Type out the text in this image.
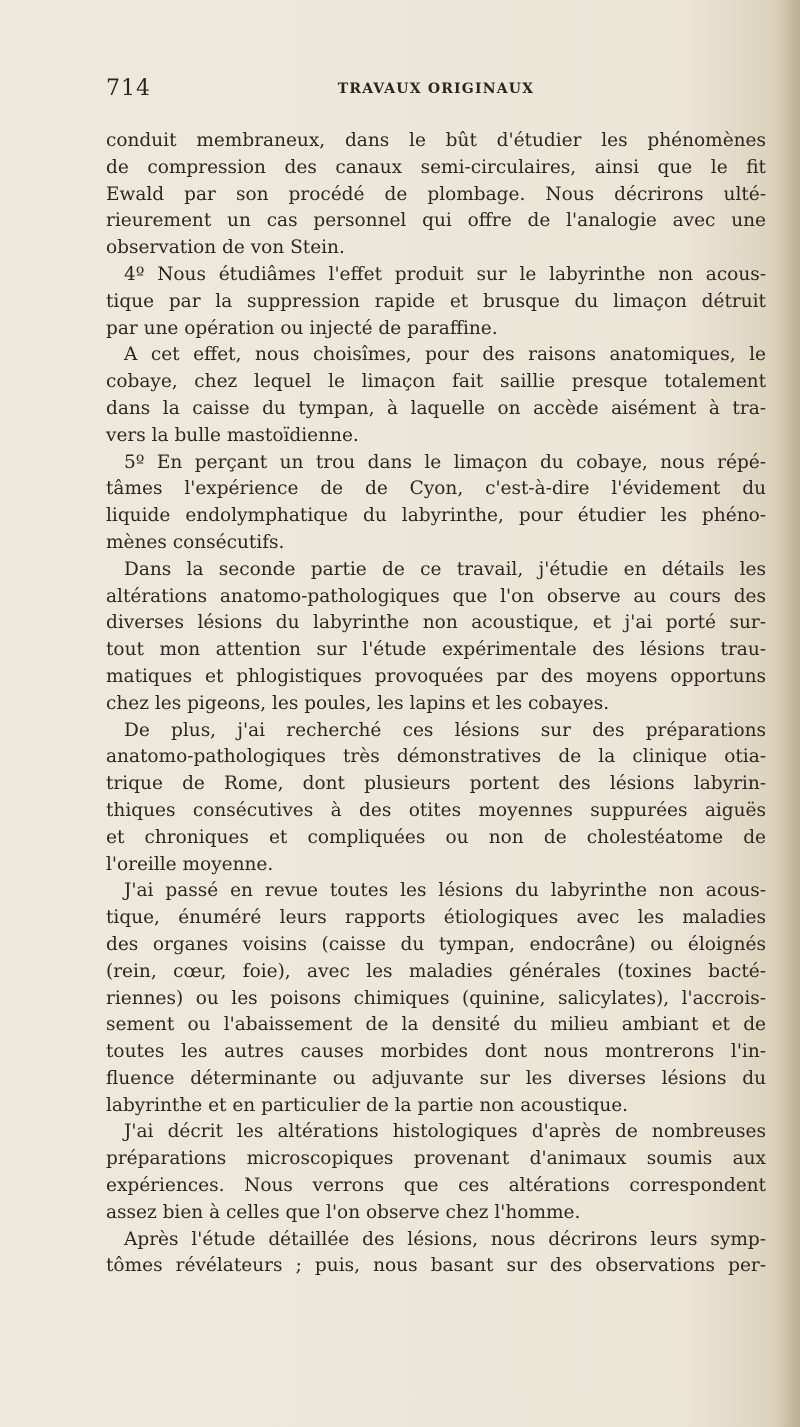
714	TRAVAUX ORIGINAUX
conduit membraneux, dans le bût d'étudier les phénomènes
de compression des canaux semi-circulaires, ainsi que le fit
Ewald par son procédé de plombage. Nous décrirons ulté-
rieurement un cas personnel qui offre de l'analogie avec une
observation de von Stein.
4º Nous étudiâmes l'effet produit sur le labyrinthe non acous-
tique par la suppression rapide et brusque du limaçon détruit
par une opération ou injecté de paraffine.
A cet effet, nous choisîmes, pour des raisons anatomiques, le
cobaye, chez lequel le limaçon fait saillie presque totalement
dans la caisse du tympan, à laquelle on accède aisément à tra-
vers la bulle mastoïdienne.
5º En perçant un trou dans le limaçon du cobaye, nous répé-
tâmes l'expérience de de Cyon, c'est-à-dire l'évidement du
liquide endolymphatique du labyrinthe, pour étudier les phéno-
mènes consécutifs.
Dans la seconde partie de ce travail, j'étudie en détails les
altérations anatomo-pathologiques que l'on observe au cours des
diverses lésions du labyrinthe non acoustique, et j'ai porté sur-
tout mon attention sur l'étude expérimentale des lésions trau-
matiques et phlogistiques provoquées par des moyens opportuns
chez les pigeons, les poules, les lapins et les cobayes.
De plus, j'ai recherché ces lésions sur des préparations
anatomo-pathologiques très démonstratives de la clinique otia-
trique de Rome, dont plusieurs portent des lésions labyrin-
thiques consécutives à des otites moyennes suppurées aiguës
et chroniques et compliquées ou non de cholestéatome de
l'oreille moyenne.
J'ai passé en revue toutes les lésions du labyrinthe non acous-
tique, énuméré leurs rapports étiologiques avec les maladies
des organes voisins (caisse du tympan, endocrâne) ou éloignés
(rein, cœur, foie), avec les maladies générales (toxines bacté-
riennes) ou les poisons chimiques (quinine, salicylates), l'accrois-
sement ou l'abaissement de la densité du milieu ambiant et de
toutes les autres causes morbides dont nous montrerons l'in-
fluence déterminante ou adjuvante sur les diverses lésions du
labyrinthe et en particulier de la partie non acoustique.
J'ai décrit les altérations histologiques d'après de nombreuses
préparations microscopiques provenant d'animaux soumis aux
expériences. Nous verrons que ces altérations correspondent
assez bien à celles que l'on observe chez l'homme.
Après l'étude détaillée des lésions, nous décrirons leurs symp-
tômes révélateurs ; puis, nous basant sur des observations per-
